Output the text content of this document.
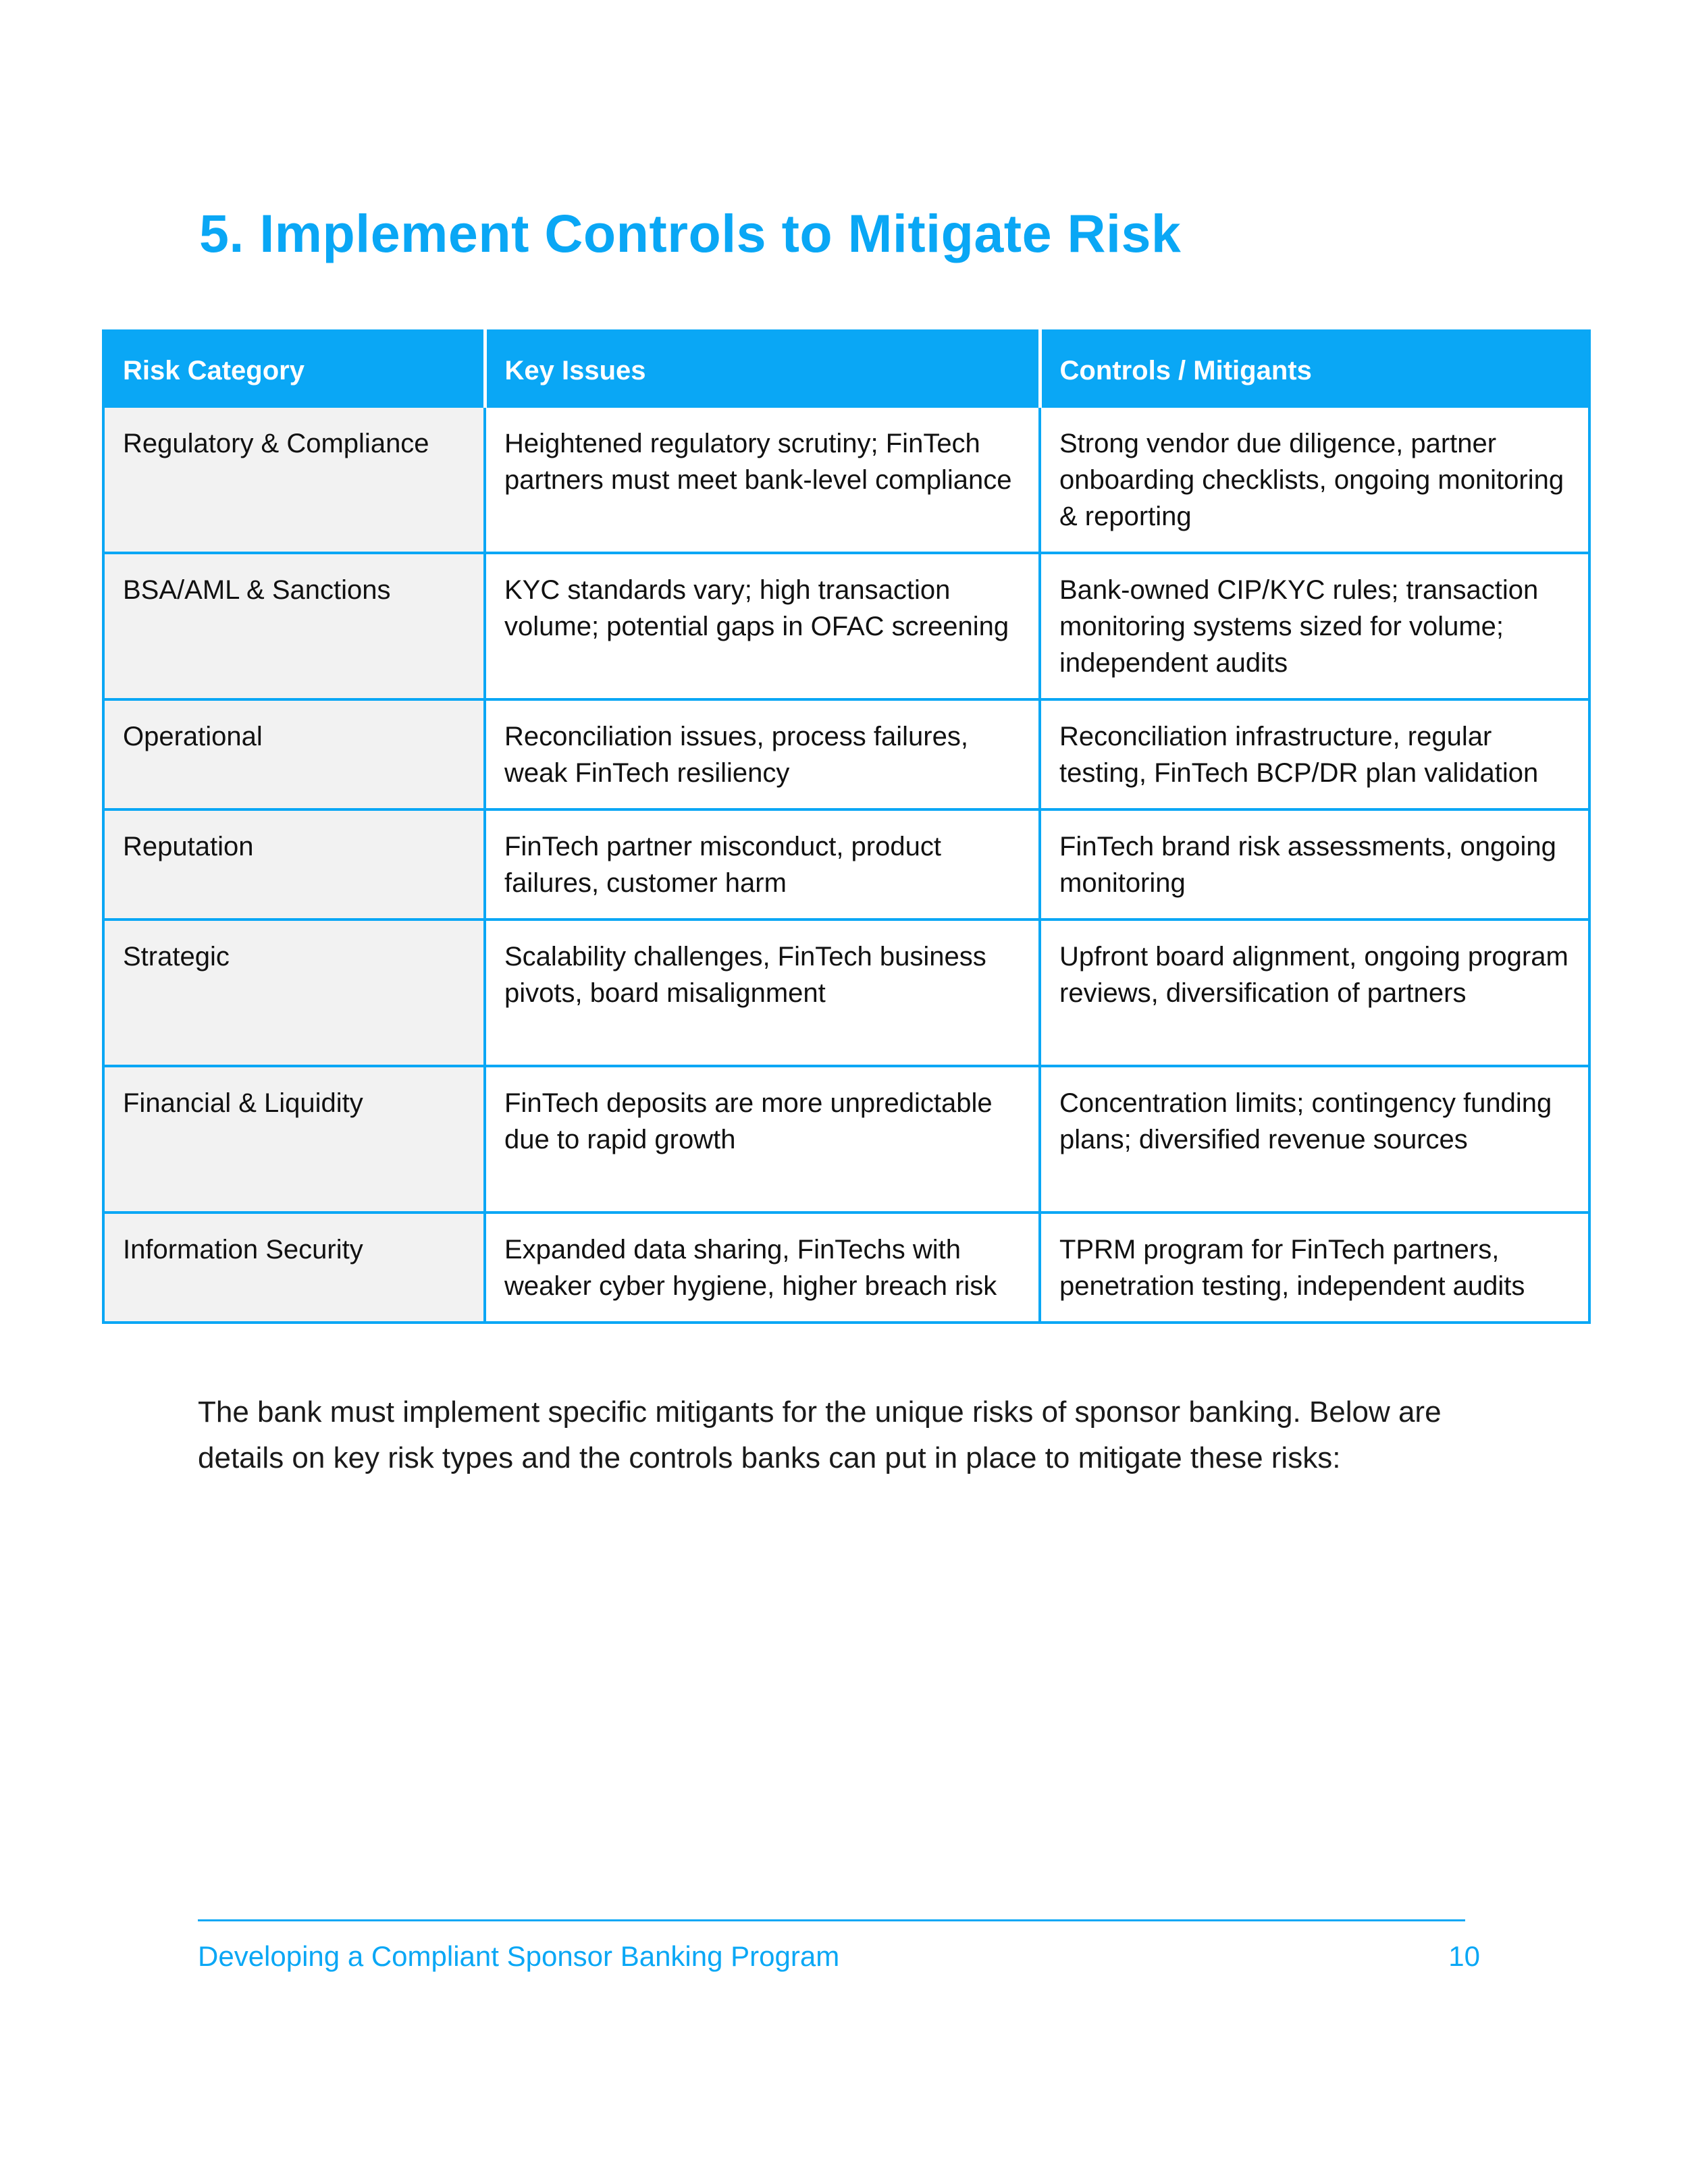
5. Implement Controls to Mitigate Risk
Risk Category	Key Issues	Controls / Mitigants
Regulatory & Compliance	Heightened regulatory scrutiny; FinTech partners must meet bank-level compliance	Strong vendor due diligence, partner onboarding checklists, ongoing monitoring & reporting
BSA/AML & Sanctions	KYC standards vary; high transaction volume; potential gaps in OFAC screening	Bank-owned CIP/KYC rules; transaction monitoring systems sized for volume; independent audits
Operational	Reconciliation issues, process failures, weak FinTech resiliency	Reconciliation infrastructure, regular testing, FinTech BCP/DR plan validation
Reputation	FinTech partner misconduct, product failures, customer harm	FinTech brand risk assessments, ongoing monitoring
Strategic	Scalability challenges, FinTech business pivots, board misalignment	Upfront board alignment, ongoing program reviews, diversification of partners
Financial & Liquidity	FinTech deposits are more unpredictable due to rapid growth	Concentration limits; contingency funding plans; diversified revenue sources
Information Security	Expanded data sharing, FinTechs with weaker cyber hygiene, higher breach risk	TPRM program for FinTech partners, penetration testing, independent audits

The bank must implement specific mitigants for the unique risks of sponsor banking. Below are details on key risk types and the controls banks can put in place to mitigate these risks:

Developing a Compliant Sponsor Banking Program	10
